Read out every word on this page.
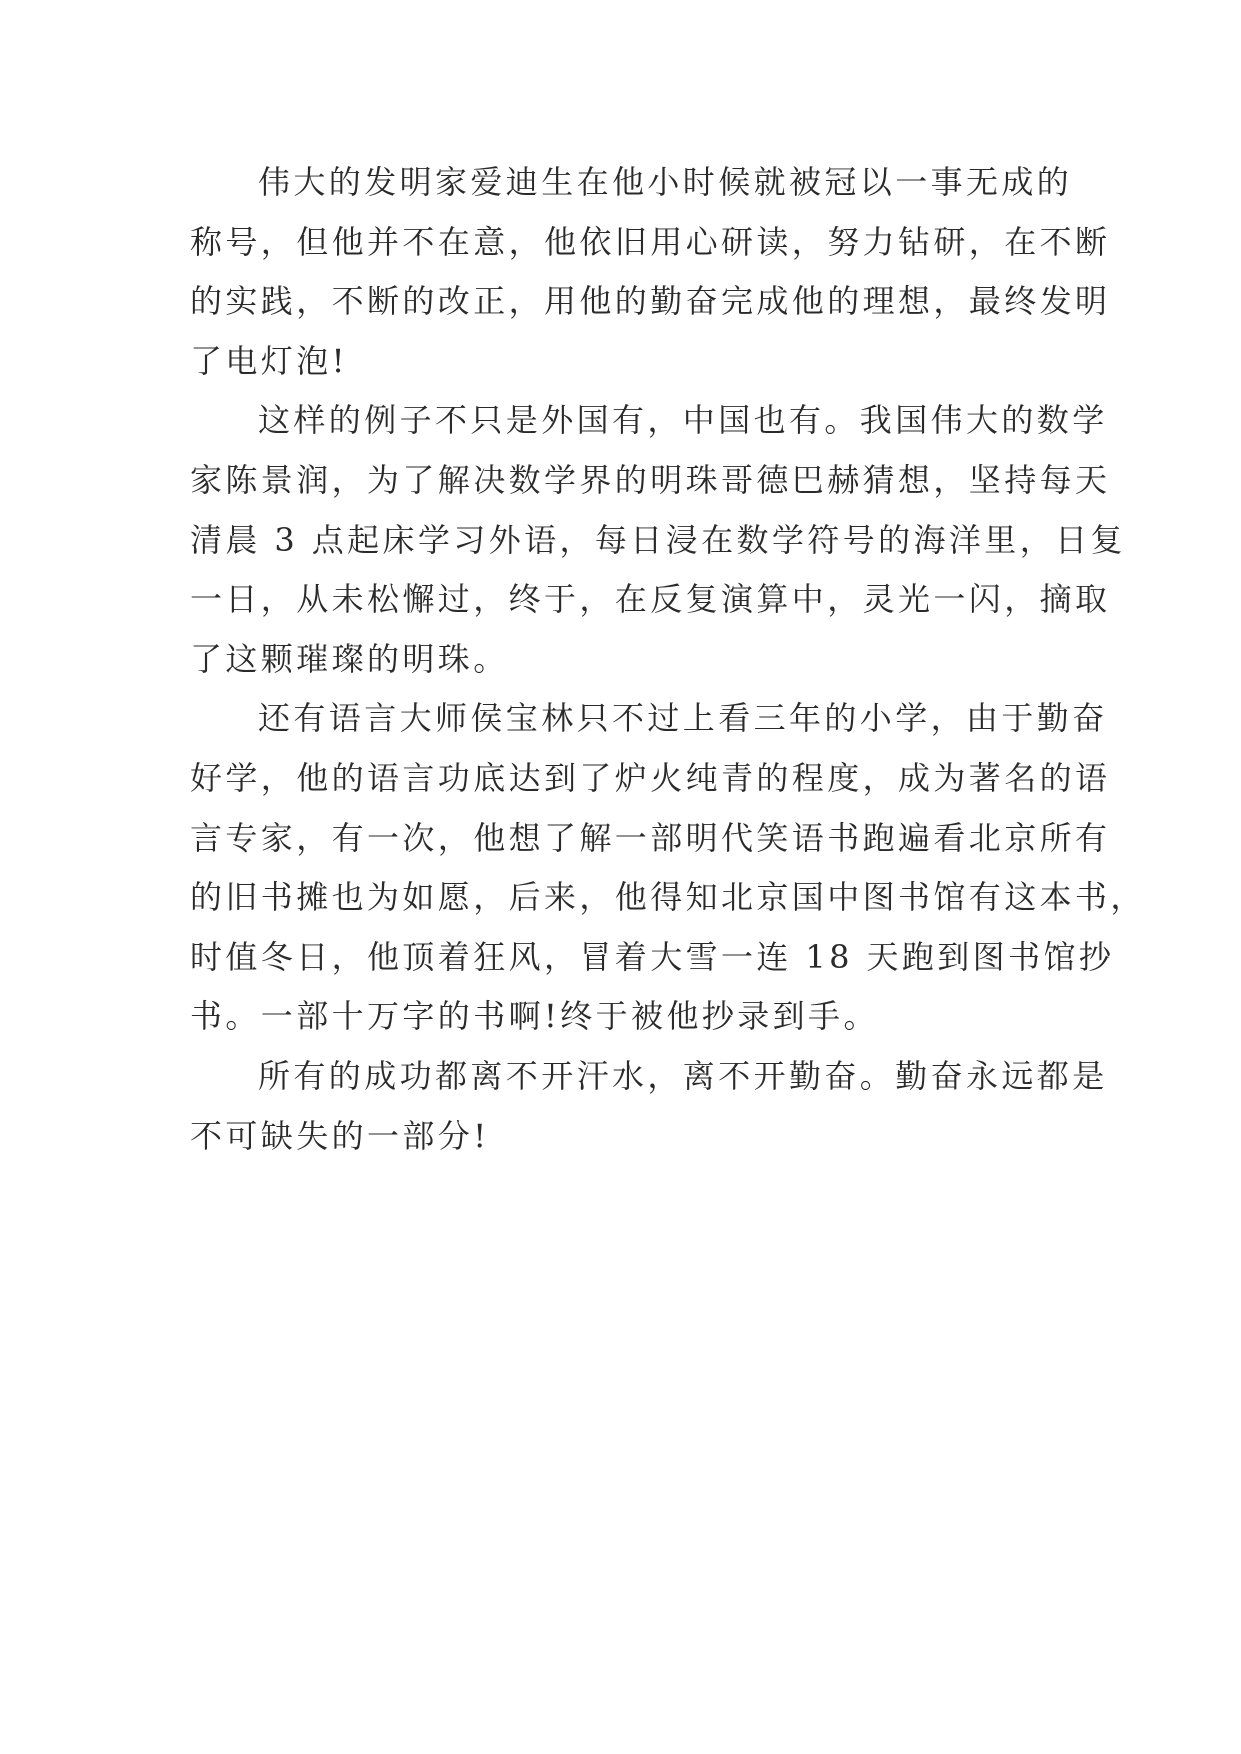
伟大的发明家爱迪生在他小时候就被冠以一事无成的
称号，但他并不在意，他依旧用心研读，努力钻研，在不断
的实践，不断的改正，用他的勤奋完成他的理想，最终发明
了电灯泡!
这样的例子不只是外国有，中国也有。我国伟大的数学
家陈景润，为了解决数学界的明珠哥德巴赫猜想，坚持每天
清晨 3 点起床学习外语，每日浸在数学符号的海洋里，日复
一日，从未松懈过，终于，在反复演算中，灵光一闪，摘取
了这颗璀璨的明珠。
还有语言大师侯宝林只不过上看三年的小学，由于勤奋
好学，他的语言功底达到了炉火纯青的程度，成为著名的语
言专家，有一次，他想了解一部明代笑语书跑遍看北京所有
的旧书摊也为如愿，后来，他得知北京国中图书馆有这本书，
时值冬日，他顶着狂风，冒着大雪一连 18 天跑到图书馆抄
书。一部十万字的书啊!终于被他抄录到手。
所有的成功都离不开汗水，离不开勤奋。勤奋永远都是
不可缺失的一部分!
